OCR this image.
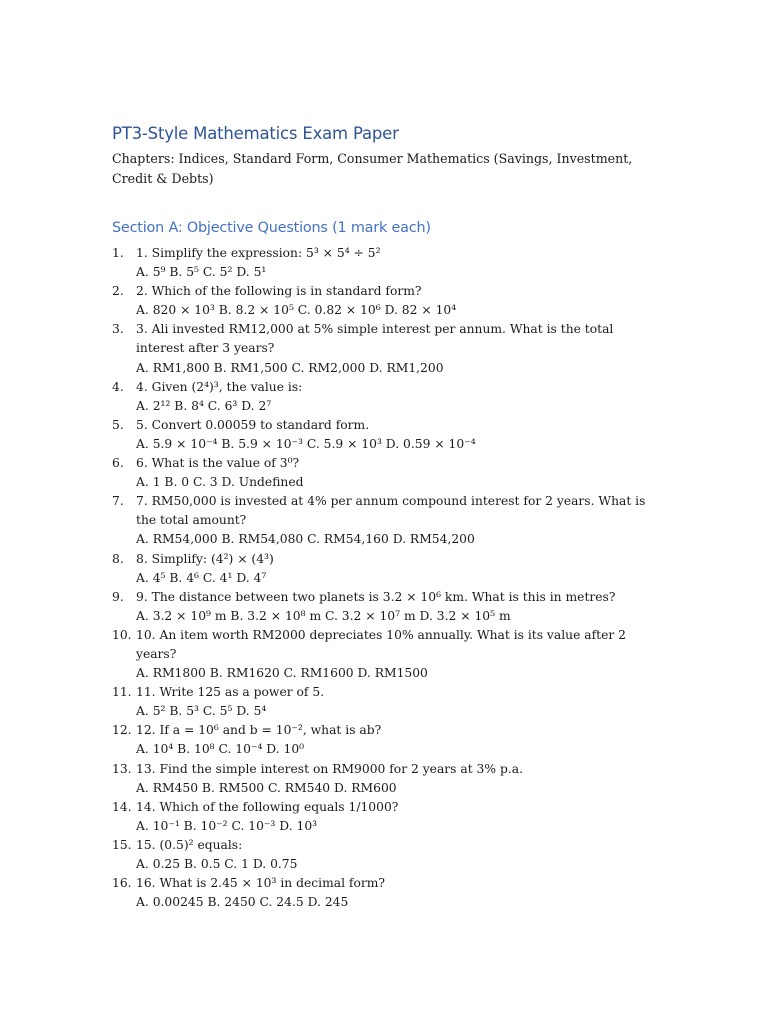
PT3-Style Mathematics Exam Paper
Chapters: Indices, Standard Form, Consumer Mathematics (Savings, Investment, Credit & Debts)
Section A: Objective Questions (1 mark each)
1. 1. Simplify the expression: 5³ × 5⁴ ÷ 5²
A. 5⁹ B. 5⁵ C. 5² D. 5¹
2. 2. Which of the following is in standard form?
A. 820 × 10³ B. 8.2 × 10⁵ C. 0.82 × 10⁶ D. 82 × 10⁴
3. 3. Ali invested RM12,000 at 5% simple interest per annum. What is the total interest after 3 years?
A. RM1,800 B. RM1,500 C. RM2,000 D. RM1,200
4. 4. Given (2⁴)³, the value is:
A. 2¹² B. 8⁴ C. 6³ D. 2⁷
5. 5. Convert 0.00059 to standard form.
A. 5.9 × 10⁻⁴ B. 5.9 × 10⁻³ C. 5.9 × 10³ D. 0.59 × 10⁻⁴
6. 6. What is the value of 3⁰?
A. 1 B. 0 C. 3 D. Undefined
7. 7. RM50,000 is invested at 4% per annum compound interest for 2 years. What is the total amount?
A. RM54,000 B. RM54,080 C. RM54,160 D. RM54,200
8. 8. Simplify: (4²) × (4³)
A. 4⁵ B. 4⁶ C. 4¹ D. 4⁷
9. 9. The distance between two planets is 3.2 × 10⁶ km. What is this in metres?
A. 3.2 × 10⁹ m B. 3.2 × 10⁸ m C. 3.2 × 10⁷ m D. 3.2 × 10⁵ m
10. 10. An item worth RM2000 depreciates 10% annually. What is its value after 2 years?
A. RM1800 B. RM1620 C. RM1600 D. RM1500
11. 11. Write 125 as a power of 5.
A. 5² B. 5³ C. 5⁵ D. 5⁴
12. 12. If a = 10⁶ and b = 10⁻², what is ab?
A. 10⁴ B. 10⁸ C. 10⁻⁴ D. 10⁰
13. 13. Find the simple interest on RM9000 for 2 years at 3% p.a.
A. RM450 B. RM500 C. RM540 D. RM600
14. 14. Which of the following equals 1/1000?
A. 10⁻¹ B. 10⁻² C. 10⁻³ D. 10³
15. 15. (0.5)² equals:
A. 0.25 B. 0.5 C. 1 D. 0.75
16. 16. What is 2.45 × 10³ in decimal form?
A. 0.00245 B. 2450 C. 24.5 D. 245
